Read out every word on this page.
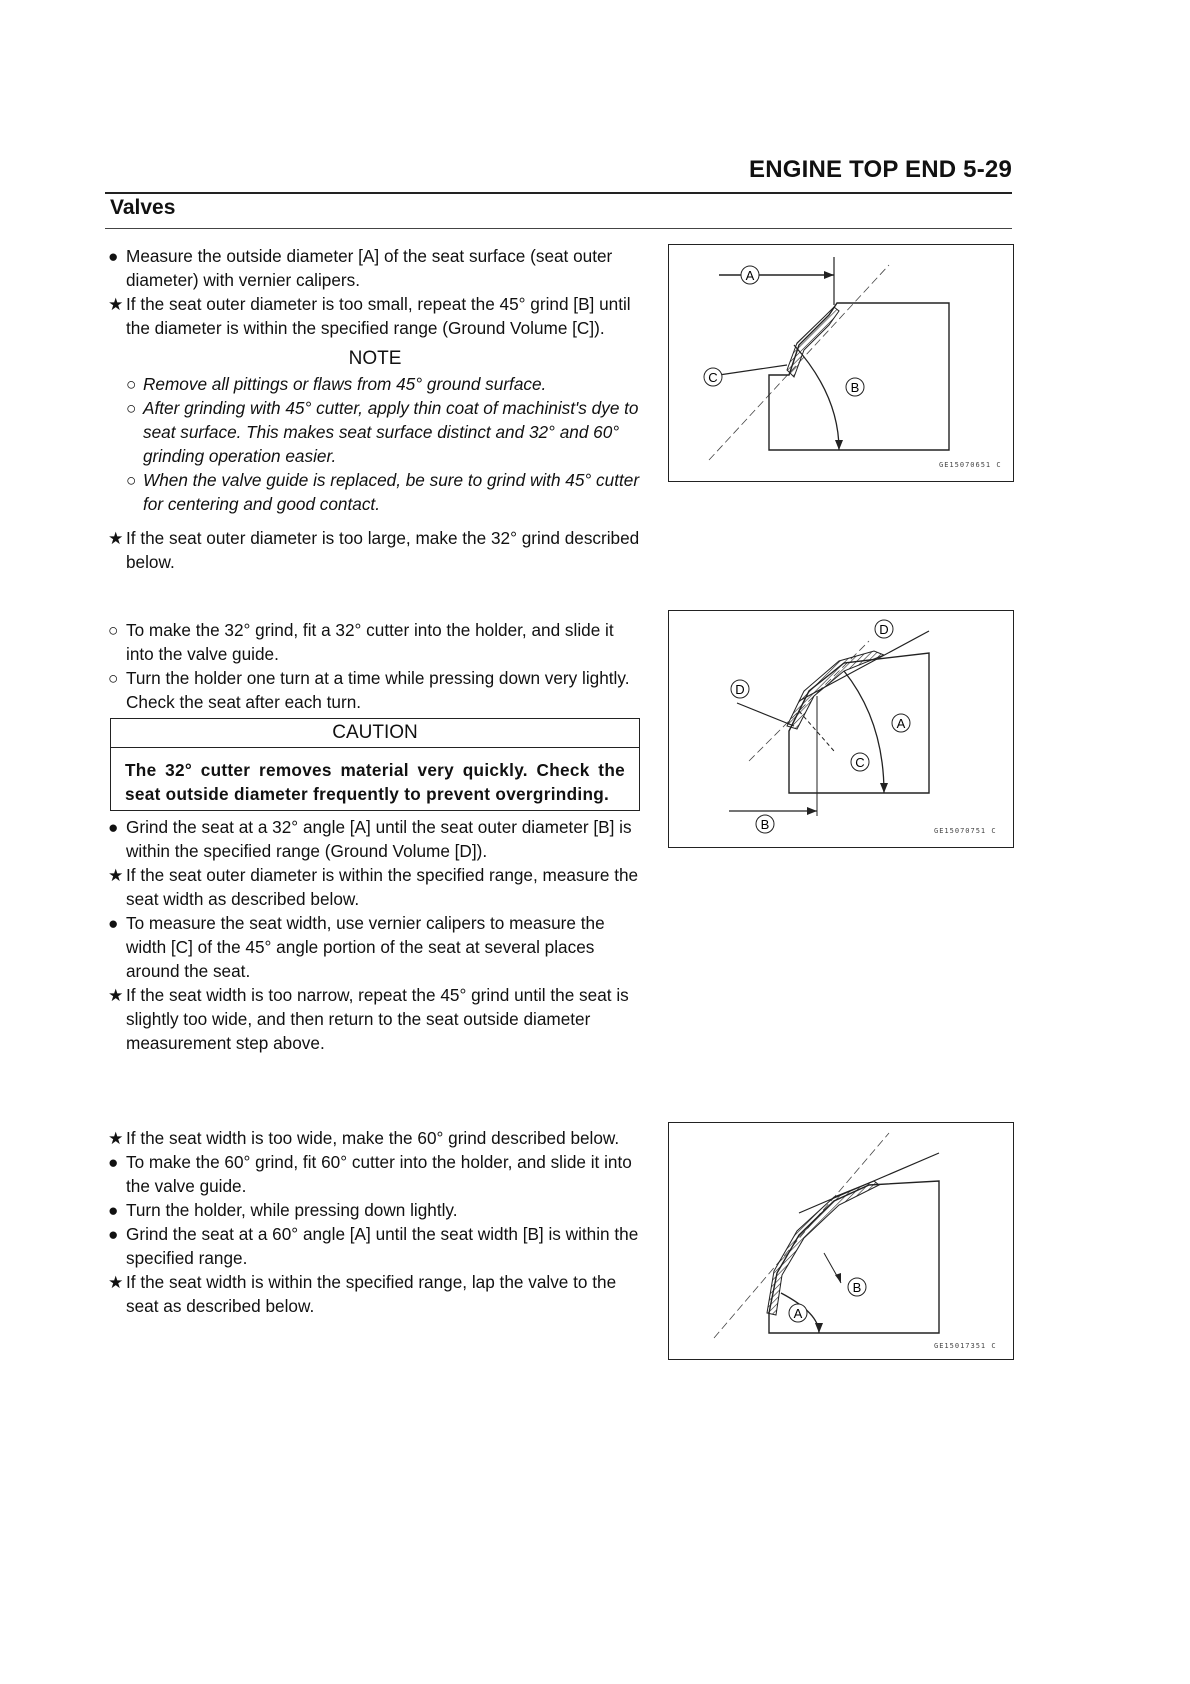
ENGINE TOP END 5-29
Valves
● Measure the outside diameter [A] of the seat surface (seat outer diameter) with vernier calipers.
★ If the seat outer diameter is too small, repeat the 45° grind [B] until the diameter is within the specified range (Ground Volume [C]).
NOTE
○ Remove all pittings or flaws from 45° ground surface.
○ After grinding with 45° cutter, apply thin coat of machinist's dye to seat surface. This makes seat surface distinct and 32° and 60° grinding operation easier.
○ When the valve guide is replaced, be sure to grind with 45° cutter for centering and good contact.
★ If the seat outer diameter is too large, make the 32° grind described below.
○ To make the 32° grind, fit a 32° cutter into the holder, and slide it into the valve guide.
○ Turn the holder one turn at a time while pressing down very lightly. Check the seat after each turn.
CAUTION
The 32° cutter removes material very quickly. Check the seat outside diameter frequently to prevent overgrinding.
● Grind the seat at a 32° angle [A] until the seat outer diameter [B] is within the specified range (Ground Volume [D]).
★ If the seat outer diameter is within the specified range, measure the seat width as described below.
● To measure the seat width, use vernier calipers to measure the width [C] of the 45° angle portion of the seat at several places around the seat.
★ If the seat width is too narrow, repeat the 45° grind until the seat is slightly too wide, and then return to the seat outside diameter measurement step above.
★ If the seat width is too wide, make the 60° grind described below.
● To make the 60° grind, fit 60° cutter into the holder, and slide it into the valve guide.
● Turn the holder, while pressing down lightly.
● Grind the seat at a 60° angle [A] until the seat width [B] is within the specified range.
★ If the seat width is within the specified range, lap the valve to the seat as described below.
A
C
B
GE15070651 C
D
D
A
C
B	GE15070751 C
B
A
GE15017351 C
